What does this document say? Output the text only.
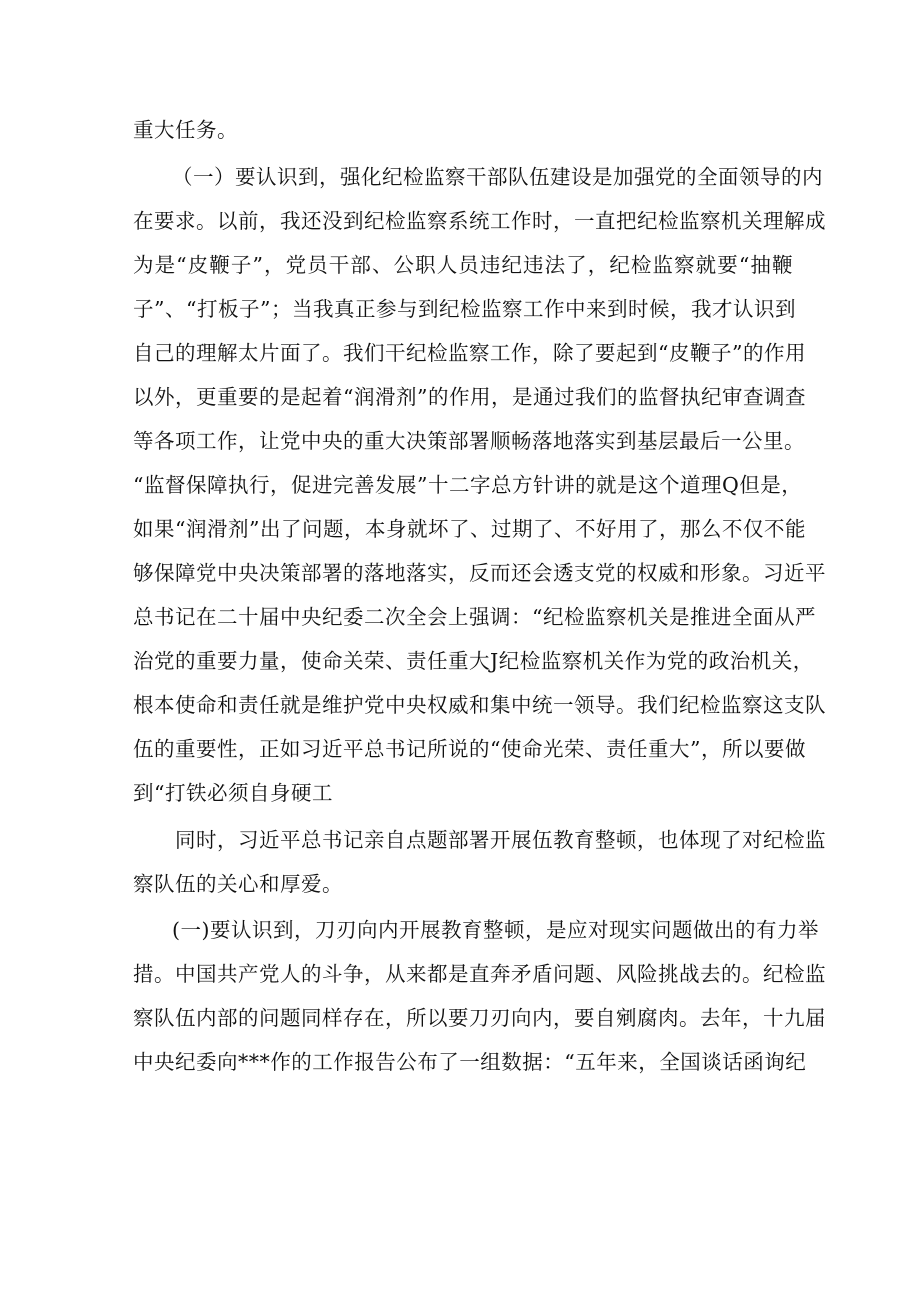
重大任务。
（一）要认识到，强化纪检监察干部队伍建设是加强党的全面领导的内
在要求。以前，我还没到纪检监察系统工作时，一直把纪检监察机关理解成
为是“皮鞭子”，党员干部、公职人员违纪违法了，纪检监察就要“抽鞭
子”、“打板子”；当我真正参与到纪检监察工作中来到时候，我才认识到
自己的理解太片面了。我们干纪检监察工作，除了要起到“皮鞭子”的作用
以外，更重要的是起着“润滑剂”的作用，是通过我们的监督执纪审查调查
等各项工作，让党中央的重大决策部署顺畅落地落实到基层最后一公里。
“监督保障执行，促进完善发展”十二字总方针讲的就是这个道理Q但是，
如果“润滑剂”出了问题，本身就坏了、过期了、不好用了，那么不仅不能
够保障党中央决策部署的落地落实，反而还会透支党的权威和形象。习近平
总书记在二十届中央纪委二次全会上强调：“纪检监察机关是推进全面从严
治党的重要力量，使命关荣、责任重大J纪检监察机关作为党的政治机关，
根本使命和责任就是维护党中央权威和集中统一领导。我们纪检监察这支队
伍的重要性，正如习近平总书记所说的“使命光荣、责任重大”，所以要做
到“打铁必须自身硬工
同时，习近平总书记亲自点题部署开展伍教育整顿，也体现了对纪检监
察队伍的关心和厚爱。
(一)要认识到，刀刃向内开展教育整顿，是应对现实问题做出的有力举
措。中国共产党人的斗争，从来都是直奔矛盾问题、风险挑战去的。纪检监
察队伍内部的问题同样存在，所以要刀刃向内，要自剜腐肉。去年，十九届
中央纪委向***作的工作报告公布了一组数据：“五年来，全国谈话函询纪
